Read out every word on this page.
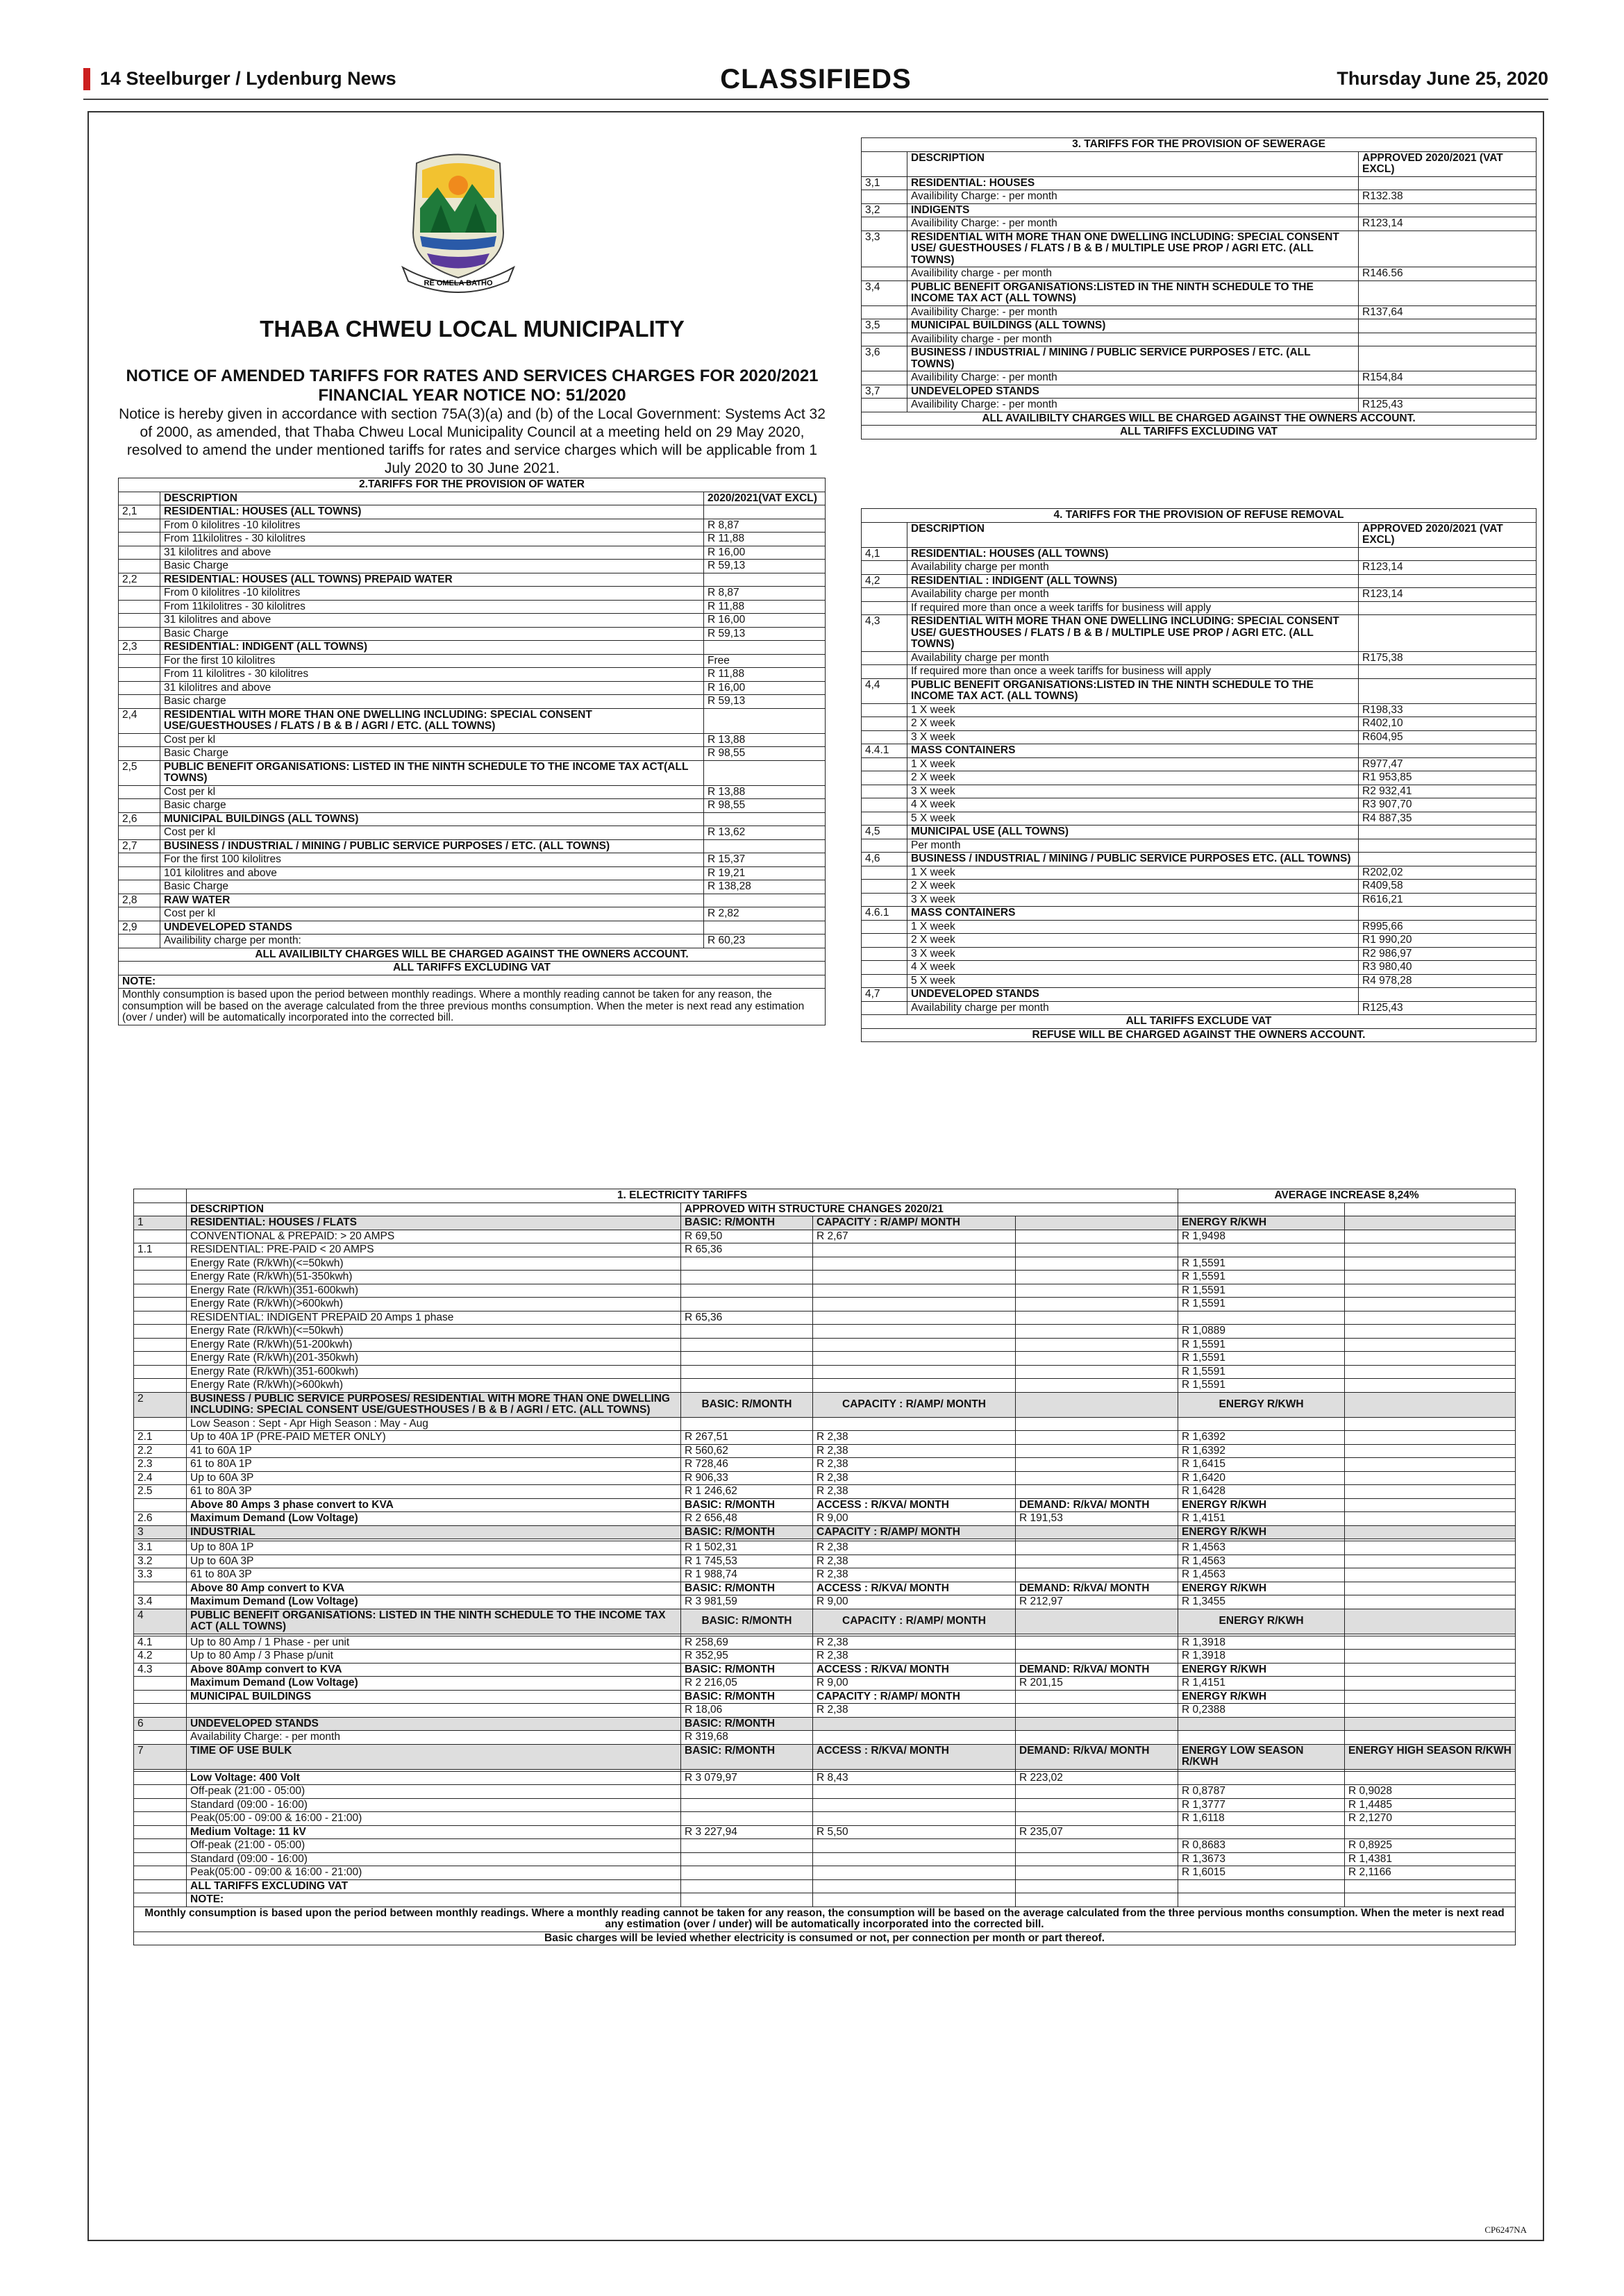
14 Steelburger / Lydenburg News	CLASSIFIEDS	Thursday June 25, 2020
RE OMELA BATHO
THABA CHWEU LOCAL MUNICIPALITY
NOTICE OF AMENDED TARIFFS FOR RATES AND SERVICES CHARGES FOR 2020/2021 FINANCIAL YEAR NOTICE NO: 51/2020
Notice is hereby given in accordance with section 75A(3)(a) and (b) of the Local Government: Systems Act 32 of 2000, as amended, that Thaba Chweu Local Municipality Council at a meeting held on 29 May 2020, resolved to amend the under mentioned tariffs for rates and service charges which will be applicable from 1 July 2020 to 30 June 2021.
2.TARIFFS FOR THE PROVISION OF WATER		
	DESCRIPTION	2020/2021(VAT EXCL)
2,1	RESIDENTIAL: HOUSES (ALL TOWNS)	
	From 0 kilolitres -10 kilolitres	R 8,87
	From 11kilolitres - 30 kilolitres	R 11,88
	31 kilolitres and above	R 16,00
	Basic Charge	R 59,13
2,2	RESIDENTIAL: HOUSES (ALL TOWNS) PREPAID WATER	
	From 0 kilolitres -10 kilolitres	R 8,87
	From 11kilolitres - 30 kilolitres	R 11,88
	31 kilolitres and above	R 16,00
	Basic Charge	R 59,13
2,3	RESIDENTIAL: INDIGENT (ALL TOWNS)	
	For the first 10 kilolitres	Free
	From 11 kilolitres - 30 kilolitres	R 11,88
	31 kilolitres and above	R 16,00
	Basic charge	R 59,13
2,4	RESIDENTIAL WITH MORE THAN ONE DWELLING INCLUDING: SPECIAL CONSENT USE/GUESTHOUSES / FLATS / B & B / AGRI / ETC. (ALL TOWNS)	
	Cost per kl	R 13,88
	Basic Charge	R 98,55
2,5	PUBLIC BENEFIT ORGANISATIONS: LISTED IN THE NINTH SCHEDULE TO THE INCOME TAX ACT(ALL TOWNS)	
	Cost per kl	R 13,88
	Basic charge	R 98,55
2,6	MUNICIPAL BUILDINGS (ALL TOWNS)	
	Cost per kl	R 13,62
2,7	BUSINESS / INDUSTRIAL / MINING / PUBLIC SERVICE PURPOSES / ETC. (ALL TOWNS)	
	For the first 100 kilolitres	R 15,37
	101 kilolitres and above	R 19,21
	Basic Charge	R 138,28
2,8	RAW WATER	
	Cost per kl	R 2,82
2,9	UNDEVELOPED STANDS	
	Availibility charge per month:	R 60,23
ALL AVAILIBILTY CHARGES WILL BE CHARGED AGAINST THE OWNERS ACCOUNT.		
ALL TARIFFS EXCLUDING VAT		
NOTE:		
Monthly consumption is based upon the period between monthly readings. Where a monthly reading cannot be taken for any reason, the consumption will be based on the average calculated from the three previous months consumption. When the meter is next read any estimation (over / under) will be automatically incorporated into the corrected bill.		
3. TARIFFS FOR THE PROVISION OF SEWERAGE		
	DESCRIPTION	APPROVED 2020/2021 (VAT EXCL)
3,1	RESIDENTIAL: HOUSES	
	Availibility Charge: - per month	R132.38
3,2	INDIGENTS	
	Availibility Charge: - per month	R123,14
3,3	RESIDENTIAL WITH MORE THAN ONE DWELLING INCLUDING: SPECIAL CONSENT USE/ GUESTHOUSES / FLATS / B & B / MULTIPLE USE PROP / AGRI ETC. (ALL TOWNS)	
	Availibility charge - per month	R146.56
3,4	PUBLIC BENEFIT ORGANISATIONS:LISTED IN THE NINTH SCHEDULE TO THE INCOME TAX ACT (ALL TOWNS)	
	Availibility Charge: - per month	R137,64
3,5	MUNICIPAL BUILDINGS (ALL TOWNS)	
	Availibility charge - per month	
3,6	BUSINESS / INDUSTRIAL / MINING / PUBLIC SERVICE PURPOSES / ETC. (ALL TOWNS)	
	Availibility Charge: - per month	R154,84
3,7	UNDEVELOPED STANDS	
	Availibility Charge: - per month	R125,43
ALL AVAILIBILTY CHARGES WILL BE CHARGED AGAINST THE OWNERS ACCOUNT.		
ALL TARIFFS EXCLUDING VAT		
4. TARIFFS FOR THE PROVISION OF REFUSE REMOVAL		
	DESCRIPTION	APPROVED 2020/2021 (VAT EXCL)
4,1	RESIDENTIAL: HOUSES (ALL TOWNS)	
	Availability charge per month	R123,14
4,2	RESIDENTIAL : INDIGENT (ALL TOWNS)	
	Availability charge per month	R123,14
	If required more than once a week tariffs for business will apply	
4,3	RESIDENTIAL WITH MORE THAN ONE DWELLING INCLUDING: SPECIAL CONSENT USE/ GUESTHOUSES / FLATS / B & B / MULTIPLE USE PROP / AGRI ETC. (ALL TOWNS)	
	Availability charge per month	R175,38
	If required more than once a week tariffs for business will apply	
4,4	PUBLIC BENEFIT ORGANISATIONS:LISTED IN THE NINTH SCHEDULE TO THE INCOME TAX ACT. (ALL TOWNS)	
	1 X week	R198,33
	2 X week	R402,10
	3 X week	R604,95
4.4.1	MASS CONTAINERS	
	1 X week	R977,47
	2 X week	R1 953,85
	3 X week	R2 932,41
	4 X week	R3 907,70
	5 X week	R4 887,35
4,5	MUNICIPAL USE (ALL TOWNS)	
	Per month	
4,6	BUSINESS / INDUSTRIAL / MINING / PUBLIC SERVICE PURPOSES ETC. (ALL TOWNS)	
	1 X week	R202,02
	2 X week	R409,58
	3 X week	R616,21
4.6.1	MASS CONTAINERS	
	1 X week	R995,66
	2 X week	R1 990,20
	3 X week	R2 986,97
	4 X week	R3 980,40
	5 X week	R4 978,28
4,7	UNDEVELOPED STANDS	
	Availability charge per month	R125,43
ALL TARIFFS EXCLUDE VAT		
REFUSE WILL BE CHARGED AGAINST THE OWNERS ACCOUNT.		
	1. ELECTRICITY TARIFFS				AVERAGE INCREASE 8,24%	
	DESCRIPTION	APPROVED WITH STRUCTURE CHANGES 2020/21				
1	RESIDENTIAL: HOUSES / FLATS	BASIC: R/MONTH	CAPACITY : R/AMP/ MONTH		ENERGY R/KWH	
	CONVENTIONAL & PREPAID: > 20 AMPS	R 69,50	R 2,67		R 1,9498	
1.1	RESIDENTIAL: PRE-PAID < 20 AMPS	R 65,36				
	Energy Rate (R/kWh)(<=50kwh)				R 1,5591	
	Energy Rate (R/kWh)(51-350kwh)				R 1,5591	
	Energy Rate (R/kWh)(351-600kwh)				R 1,5591	
	Energy Rate (R/kWh)(>600kwh)				R 1,5591	
	RESIDENTIAL: INDIGENT PREPAID 20 Amps 1 phase	R 65,36				
	Energy Rate (R/kWh)(<=50kwh)				R 1,0889	
	Energy Rate (R/kWh)(51-200kwh)				R 1,5591	
	Energy Rate (R/kWh)(201-350kwh)				R 1,5591	
	Energy Rate (R/kWh)(351-600kwh)				R 1,5591	
	Energy Rate (R/kWh)(>600kwh)				R 1,5591	
2	BUSINESS / PUBLIC SERVICE PURPOSES/ RESIDENTIAL WITH MORE THAN ONE DWELLING INCLUDING: SPECIAL CONSENT USE/GUESTHOUSES / B & B / AGRI / ETC. (ALL TOWNS)	BASIC: R/MONTH	CAPACITY : R/AMP/ MONTH		ENERGY R/KWH	
	Low Season : Sept - Apr High Season : May - Aug					
2.1	Up to 40A 1P (PRE-PAID METER ONLY)	R 267,51	R 2,38		R 1,6392	
2.2	41 to 60A 1P	R 560,62	R 2,38		R 1,6392	
2.3	61 to 80A 1P	R 728,46	R 2,38		R 1,6415	
2.4	Up to 60A 3P	R 906,33	R 2,38		R 1,6420	
2.5	61 to 80A 3P	R 1 246,62	R 2,38		R 1,6428	
	Above 80 Amps 3 phase convert to KVA	BASIC: R/MONTH	ACCESS : R/KVA/ MONTH	DEMAND: R/kVA/ MONTH	ENERGY R/KWH	
2.6	Maximum Demand (Low Voltage)	R 2 656,48	R 9,00	R 191,53	R 1,4151	
3	INDUSTRIAL	BASIC: R/MONTH	CAPACITY : R/AMP/ MONTH		ENERGY R/KWH	

3.1	Up to 80A 1P	R 1 502,31	R 2,38		R 1,4563	
3.2	Up to 60A 3P	R 1 745,53	R 2,38		R 1,4563	
3.3	61 to 80A 3P	R 1 988,74	R 2,38		R 1,4563	
	Above 80 Amp convert to KVA	BASIC: R/MONTH	ACCESS : R/KVA/ MONTH	DEMAND: R/kVA/ MONTH	ENERGY R/KWH	
3.4	Maximum Demand (Low Voltage)	R 3 981,59	R 9,00	R 212,97	R 1,3455	
4	PUBLIC BENEFIT ORGANISATIONS: LISTED IN THE NINTH SCHEDULE TO THE INCOME TAX ACT (ALL TOWNS)	BASIC: R/MONTH	CAPACITY : R/AMP/ MONTH		ENERGY R/KWH	

4.1	Up to 80 Amp / 1 Phase - per unit	R 258,69	R 2,38		R 1,3918	
4.2	Up to 80 Amp / 3 Phase p/unit	R 352,95	R 2,38		R 1,3918	
4.3	Above 80Amp convert to KVA	BASIC: R/MONTH	ACCESS : R/KVA/ MONTH	DEMAND: R/kVA/ MONTH	ENERGY R/KWH	
	Maximum Demand (Low Voltage)	R 2 216,05	R 9,00	R 201,15	R 1,4151	
	MUNICIPAL BUILDINGS	BASIC: R/MONTH	CAPACITY : R/AMP/ MONTH		ENERGY R/KWH	
		R 18,06	R 2,38		R 0,2388	
6	UNDEVELOPED STANDS	BASIC: R/MONTH				
	Availability Charge: - per month	R 319,68				
7	TIME OF USE BULK	BASIC: R/MONTH	ACCESS : R/KVA/ MONTH	DEMAND: R/kVA/ MONTH	ENERGY LOW SEASON R/KWH	ENERGY HIGH SEASON R/KWH

	Low Voltage: 400 Volt	R 3 079,97	R 8,43	R 223,02		
	Off-peak (21:00 - 05:00)				R 0,8787	R 0,9028
	Standard (09:00 - 16:00)				R 1,3777	R 1,4485
	Peak(05:00 - 09:00 & 16:00 - 21:00)				R 1,6118	R 2,1270
	Medium Voltage: 11 kV	R 3 227,94	R 5,50	R 235,07		
	Off-peak (21:00 - 05:00)				R 0,8683	R 0,8925
	Standard (09:00 - 16:00)				R 1,3673	R 1,4381
	Peak(05:00 - 09:00 & 16:00 - 21:00)				R 1,6015	R 2,1166
	ALL TARIFFS EXCLUDING VAT					
	NOTE:					
Monthly consumption is based upon the period between monthly readings. Where a monthly reading cannot be taken for any reason, the consumption will be based on the average calculated from the three pervious months consumption. When the meter is next read any estimation (over / under) will be automatically incorporated into the corrected bill.						
Basic charges will be levied whether electricity is consumed or not, per connection per month or part thereof.						
CP6247NA
